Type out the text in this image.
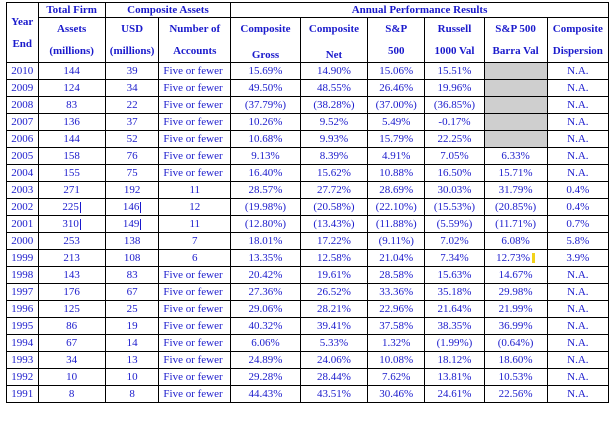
Year
End	Total Firm	Composite Assets		Annual Performance Results					
	Assets	USD	Number of	Composite	Composite	S&P	Russell	S&P 500	Composite
	(millions)	(millions)	Accounts	Gross	Net	500	1000 Val	Barra Val	Dispersion
2010	144	39	Five or fewer	15.69%	14.90%	15.06%	15.51%		N.A.
2009	124	34	Five or fewer	49.50%	48.55%	26.46%	19.96%		N.A.
2008	83	22	Five or fewer	(37.79%)	(38.28%)	(37.00%)	(36.85%)		N.A.
2007	136	37	Five or fewer	10.26%	9.52%	5.49%	-0.17%		N.A.
2006	144	52	Five or fewer	10.68%	9.93%	15.79%	22.25%		N.A.
2005	158	76	Five or fewer	9.13%	8.39%	4.91%	7.05%	6.33%	N.A.
2004	155	75	Five or fewer	16.40%	15.62%	10.88%	16.50%	15.71%	N.A.
2003	271	192	11	28.57%	27.72%	28.69%	30.03%	31.79%	0.4%
2002	225	146	12	(19.98%)	(20.58%)	(22.10%)	(15.53%)	(20.85%)	0.4%
2001	310	149	11	(12.80%)	(13.43%)	(11.88%)	(5.59%)	(11.71%)	0.7%
2000	253	138	7	18.01%	17.22%	(9.11%)	7.02%	6.08%	5.8%
1999	213	108	6	13.35%	12.58%	21.04%	7.34%	12.73%	3.9%
1998	143	83	Five or fewer	20.42%	19.61%	28.58%	15.63%	14.67%	N.A.
1997	176	67	Five or fewer	27.36%	26.52%	33.36%	35.18%	29.98%	N.A.
1996	125	25	Five or fewer	29.06%	28.21%	22.96%	21.64%	21.99%	N.A.
1995	86	19	Five or fewer	40.32%	39.41%	37.58%	38.35%	36.99%	N.A.
1994	67	14	Five or fewer	6.06%	5.33%	1.32%	(1.99%)	(0.64%)	N.A.
1993	34	13	Five or fewer	24.89%	24.06%	10.08%	18.12%	18.60%	N.A.
1992	10	10	Five or fewer	29.28%	28.44%	7.62%	13.81%	10.53%	N.A.
1991	8	8	Five or fewer	44.43%	43.51%	30.46%	24.61%	22.56%	N.A.
